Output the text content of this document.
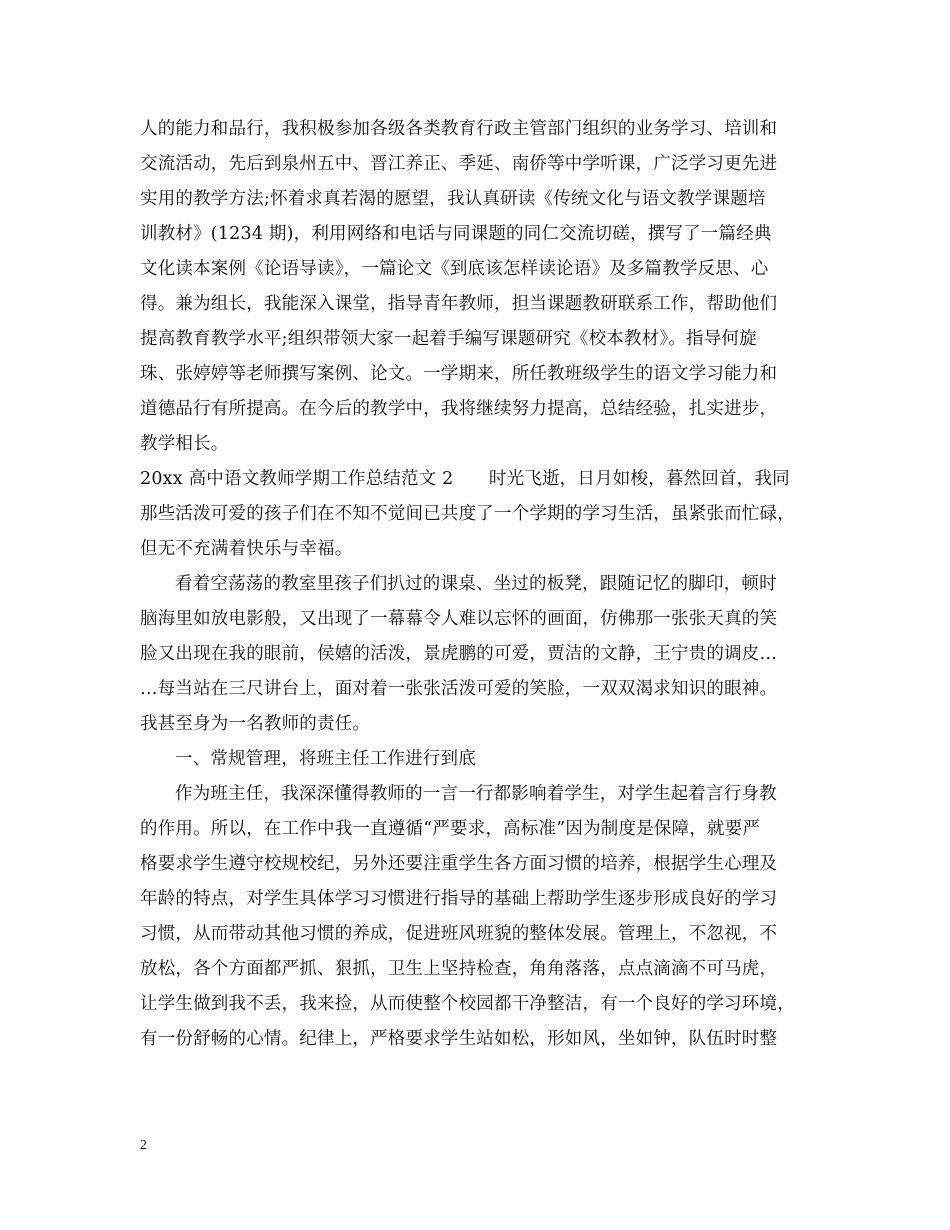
人的能力和品行，我积极参加各级各类教育行政主管部门组织的业务学习、培训和
交流活动，先后到泉州五中、晋江养正、季延、南侨等中学听课，广泛学习更先进
实用的教学方法;怀着求真若渴的愿望，我认真研读《传统文化与语文教学课题培
训教材》(1234 期)，利用网络和电话与同课题的同仁交流切磋，撰写了一篇经典
文化读本案例《论语导读》，一篇论文《到底该怎样读论语》及多篇教学反思、心
得。兼为组长，我能深入课堂，指导青年教师，担当课题教研联系工作，帮助他们
提高教育教学水平;组织带领大家一起着手编写课题研究《校本教材》。指导何旋
珠、张婷婷等老师撰写案例、论文。一学期来，所任教班级学生的语文学习能力和
道德品行有所提高。在今后的教学中，我将继续努力提高，总结经验，扎实进步，
教学相长。
20xx 高中语文教师学期工作总结范文 2　　时光飞逝，日月如梭，暮然回首，我同
那些活泼可爱的孩子们在不知不觉间已共度了一个学期的学习生活，虽紧张而忙碌，
但无不充满着快乐与幸福。
看着空荡荡的教室里孩子们扒过的课桌、坐过的板凳，跟随记忆的脚印，顿时
脑海里如放电影般，又出现了一幕幕令人难以忘怀的画面，仿佛那一张张天真的笑
脸又出现在我的眼前，侯嬉的活泼，景虎鹏的可爱，贾洁的文静，王宁贵的调皮…
…每当站在三尺讲台上，面对着一张张活泼可爱的笑脸，一双双渴求知识的眼神。
我甚至身为一名教师的责任。
一、常规管理，将班主任工作进行到底
作为班主任，我深深懂得教师的一言一行都影响着学生，对学生起着言行身教
的作用。所以，在工作中我一直遵循“严要求，高标准”因为制度是保障，就要严
格要求学生遵守校规校纪，另外还要注重学生各方面习惯的培养，根据学生心理及
年龄的特点，对学生具体学习习惯进行指导的基础上帮助学生逐步形成良好的学习
习惯，从而带动其他习惯的养成，促进班风班貌的整体发展。管理上，不忽视，不
放松，各个方面都严抓、狠抓，卫生上坚持检查，角角落落，点点滴滴不可马虎，
让学生做到我不丢，我来捡，从而使整个校园都干净整洁，有一个良好的学习环境，
有一份舒畅的心情。纪律上，严格要求学生站如松，形如风，坐如钟，队伍时时整
2
